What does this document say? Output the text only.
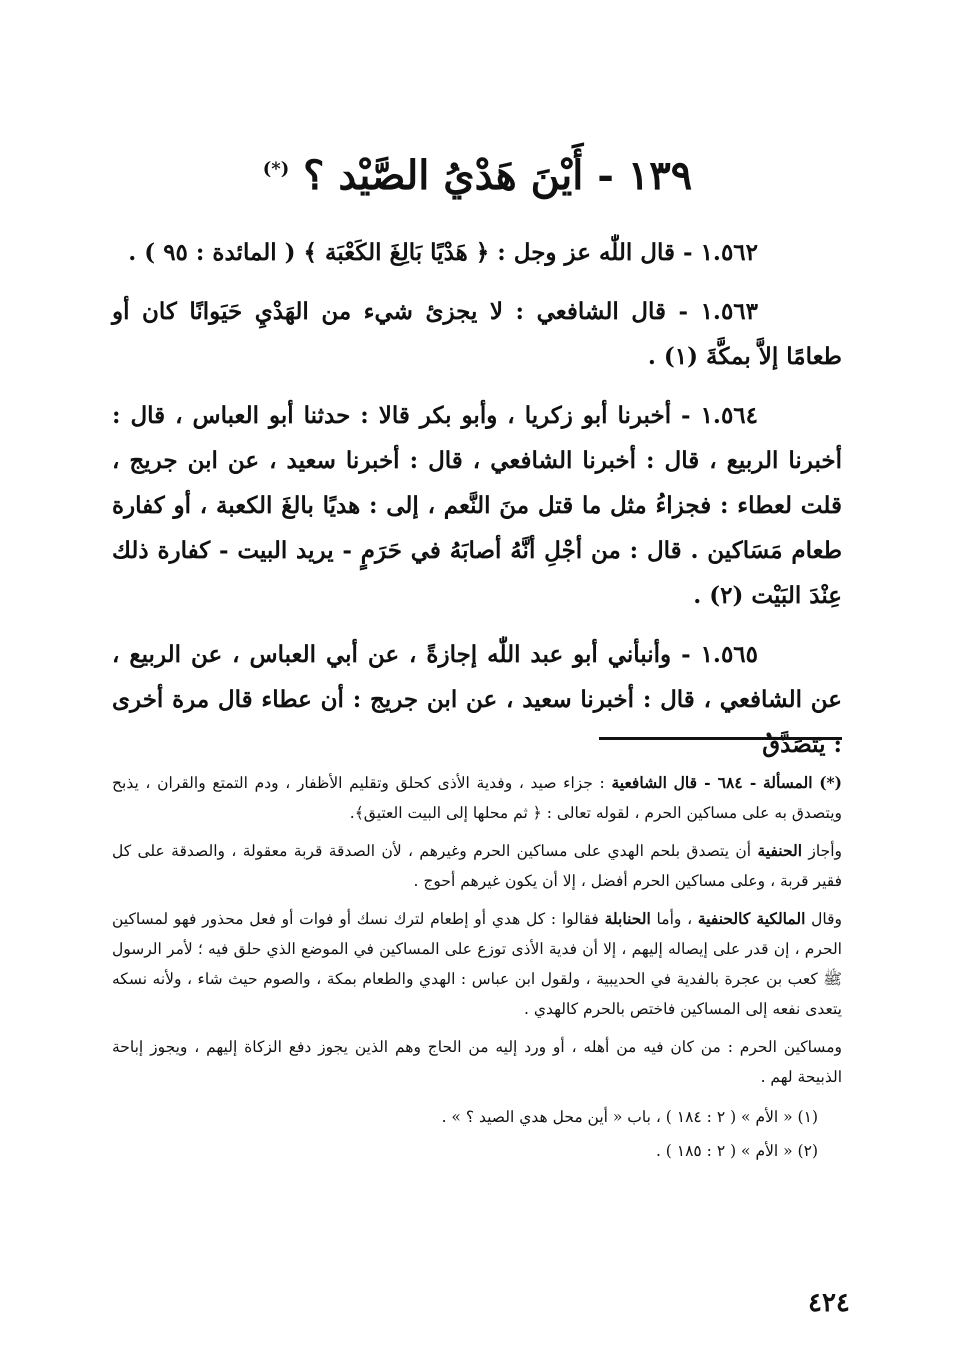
١٣٩ - أَيْنَ هَدْيُ الصَّيْد ؟ (*)

١.٥٦٢ - قال اللّٰه عز وجل : ﴿ هَدْيًا بَالِغَ الكَعْبَة ﴾ ( المائدة : ٩٥ ) .

١.٥٦٣ - قال الشافعي : لا يجزئ شيء من الهَدْيِ حَيَوانًا كان أو طعامًا إلاَّ بمكَّةَ (١) .

١.٥٦٤ - أخبرنا أبو زكريا ، وأبو بكر قالا : حدثنا أبو العباس ، قال : أخبرنا الربيع ، قال : أخبرنا الشافعي ، قال : أخبرنا سعيد ، عن ابن جريج ، قلت لعطاء : فجزاءُ مثل ما قتل منَ النَّعم ، إلى : هديًا بالغَ الكعبة ، أو كفارة طعام مَسَاكين . قال : من أجْلِ أنَّهُ أصابَهُ في حَرَمٍ - يريد البيت - كفارة ذلك عِنْدَ البَيْت (٢) .

١.٥٦٥ - وأنبأني أبو عبد اللّٰه إجازةً ، عن أبي العباس ، عن الربيع ، عن الشافعي ، قال : أخبرنا سعيد ، عن ابن جريج : أن عطاء قال مرة أخرى : يَتَصَدَّقُ

(*) المسألة - ٦٨٤ - قال الشافعية : جزاء صيد ، وفدية الأذى كحلق وتقليم الأظفار ، ودم التمتع والقران ، يذبح ويتصدق به على مساكين الحرم ، لقوله تعالى : ﴿ ثم محلها إلى البيت العتيق﴾.

وأجاز الحنفية أن يتصدق بلحم الهدي على مساكين الحرم وغيرهم ، لأن الصدقة قربة معقولة ، والصدقة على كل فقير قربة ، وعلى مساكين الحرم أفضل ، إلا أن يكون غيرهم أحوج .

وقال المالكية كالحنفية ، وأما الحنابلة فقالوا : كل هدي أو إطعام لترك نسك أو فوات أو فعل محذور فهو لمساكين الحرم ، إن قدر على إيصاله إليهم ، إلا أن فدية الأذى توزع على المساكين في الموضع الذي حلق فيه ؛ لأمر الرسول ﷺ كعب بن عجرة بالفدية في الحديبية ، ولقول ابن عباس : الهدي والطعام بمكة ، والصوم حيث شاء ، ولأنه نسكه يتعدى نفعه إلى المساكين فاختص بالحرم كالهدي .

ومساكين الحرم : من كان فيه من أهله ، أو ورد إليه من الحاج وهم الذين يجوز دفع الزكاة إليهم ، ويجوز إباحة الذبيحة لهم .

(١) « الأم » ( ٢ : ١٨٤ ) ، باب « أين محل هدي الصيد ؟ » .

(٢) « الأم » ( ٢ : ١٨٥ ) .

٤٢٤
